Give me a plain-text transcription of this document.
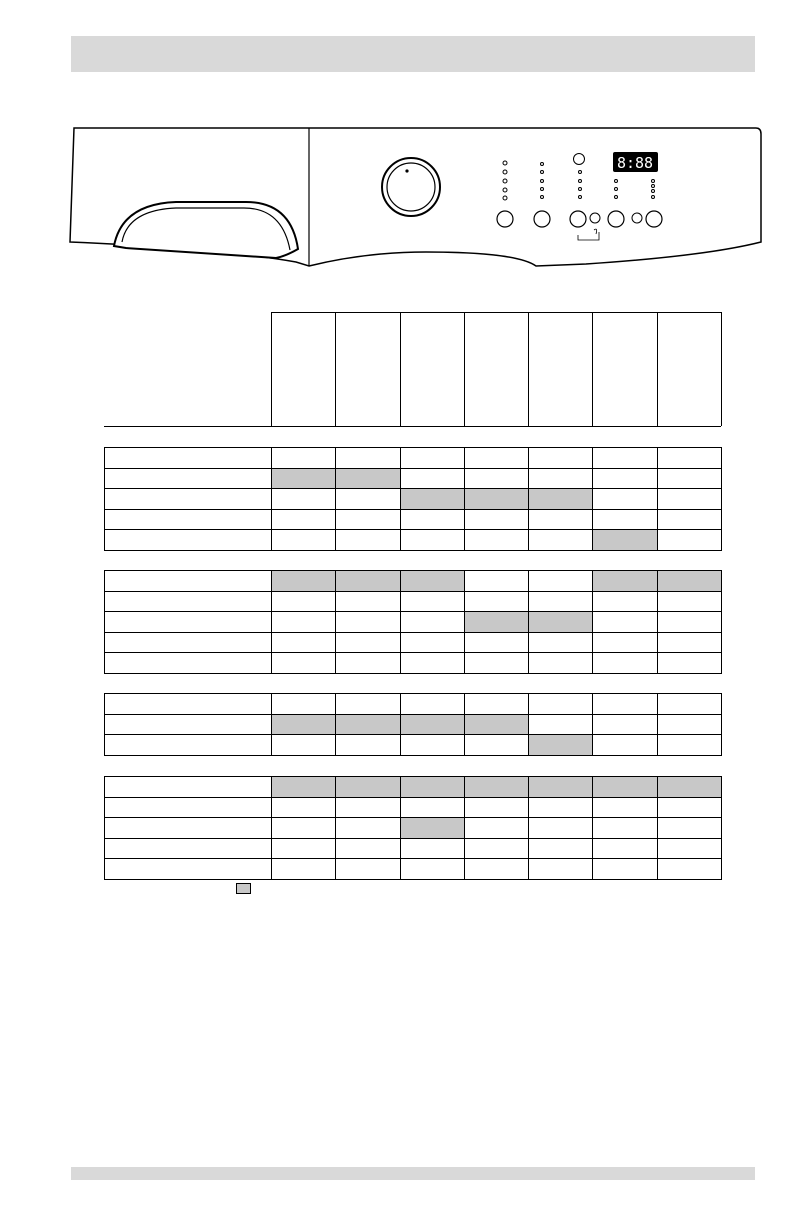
8:88
